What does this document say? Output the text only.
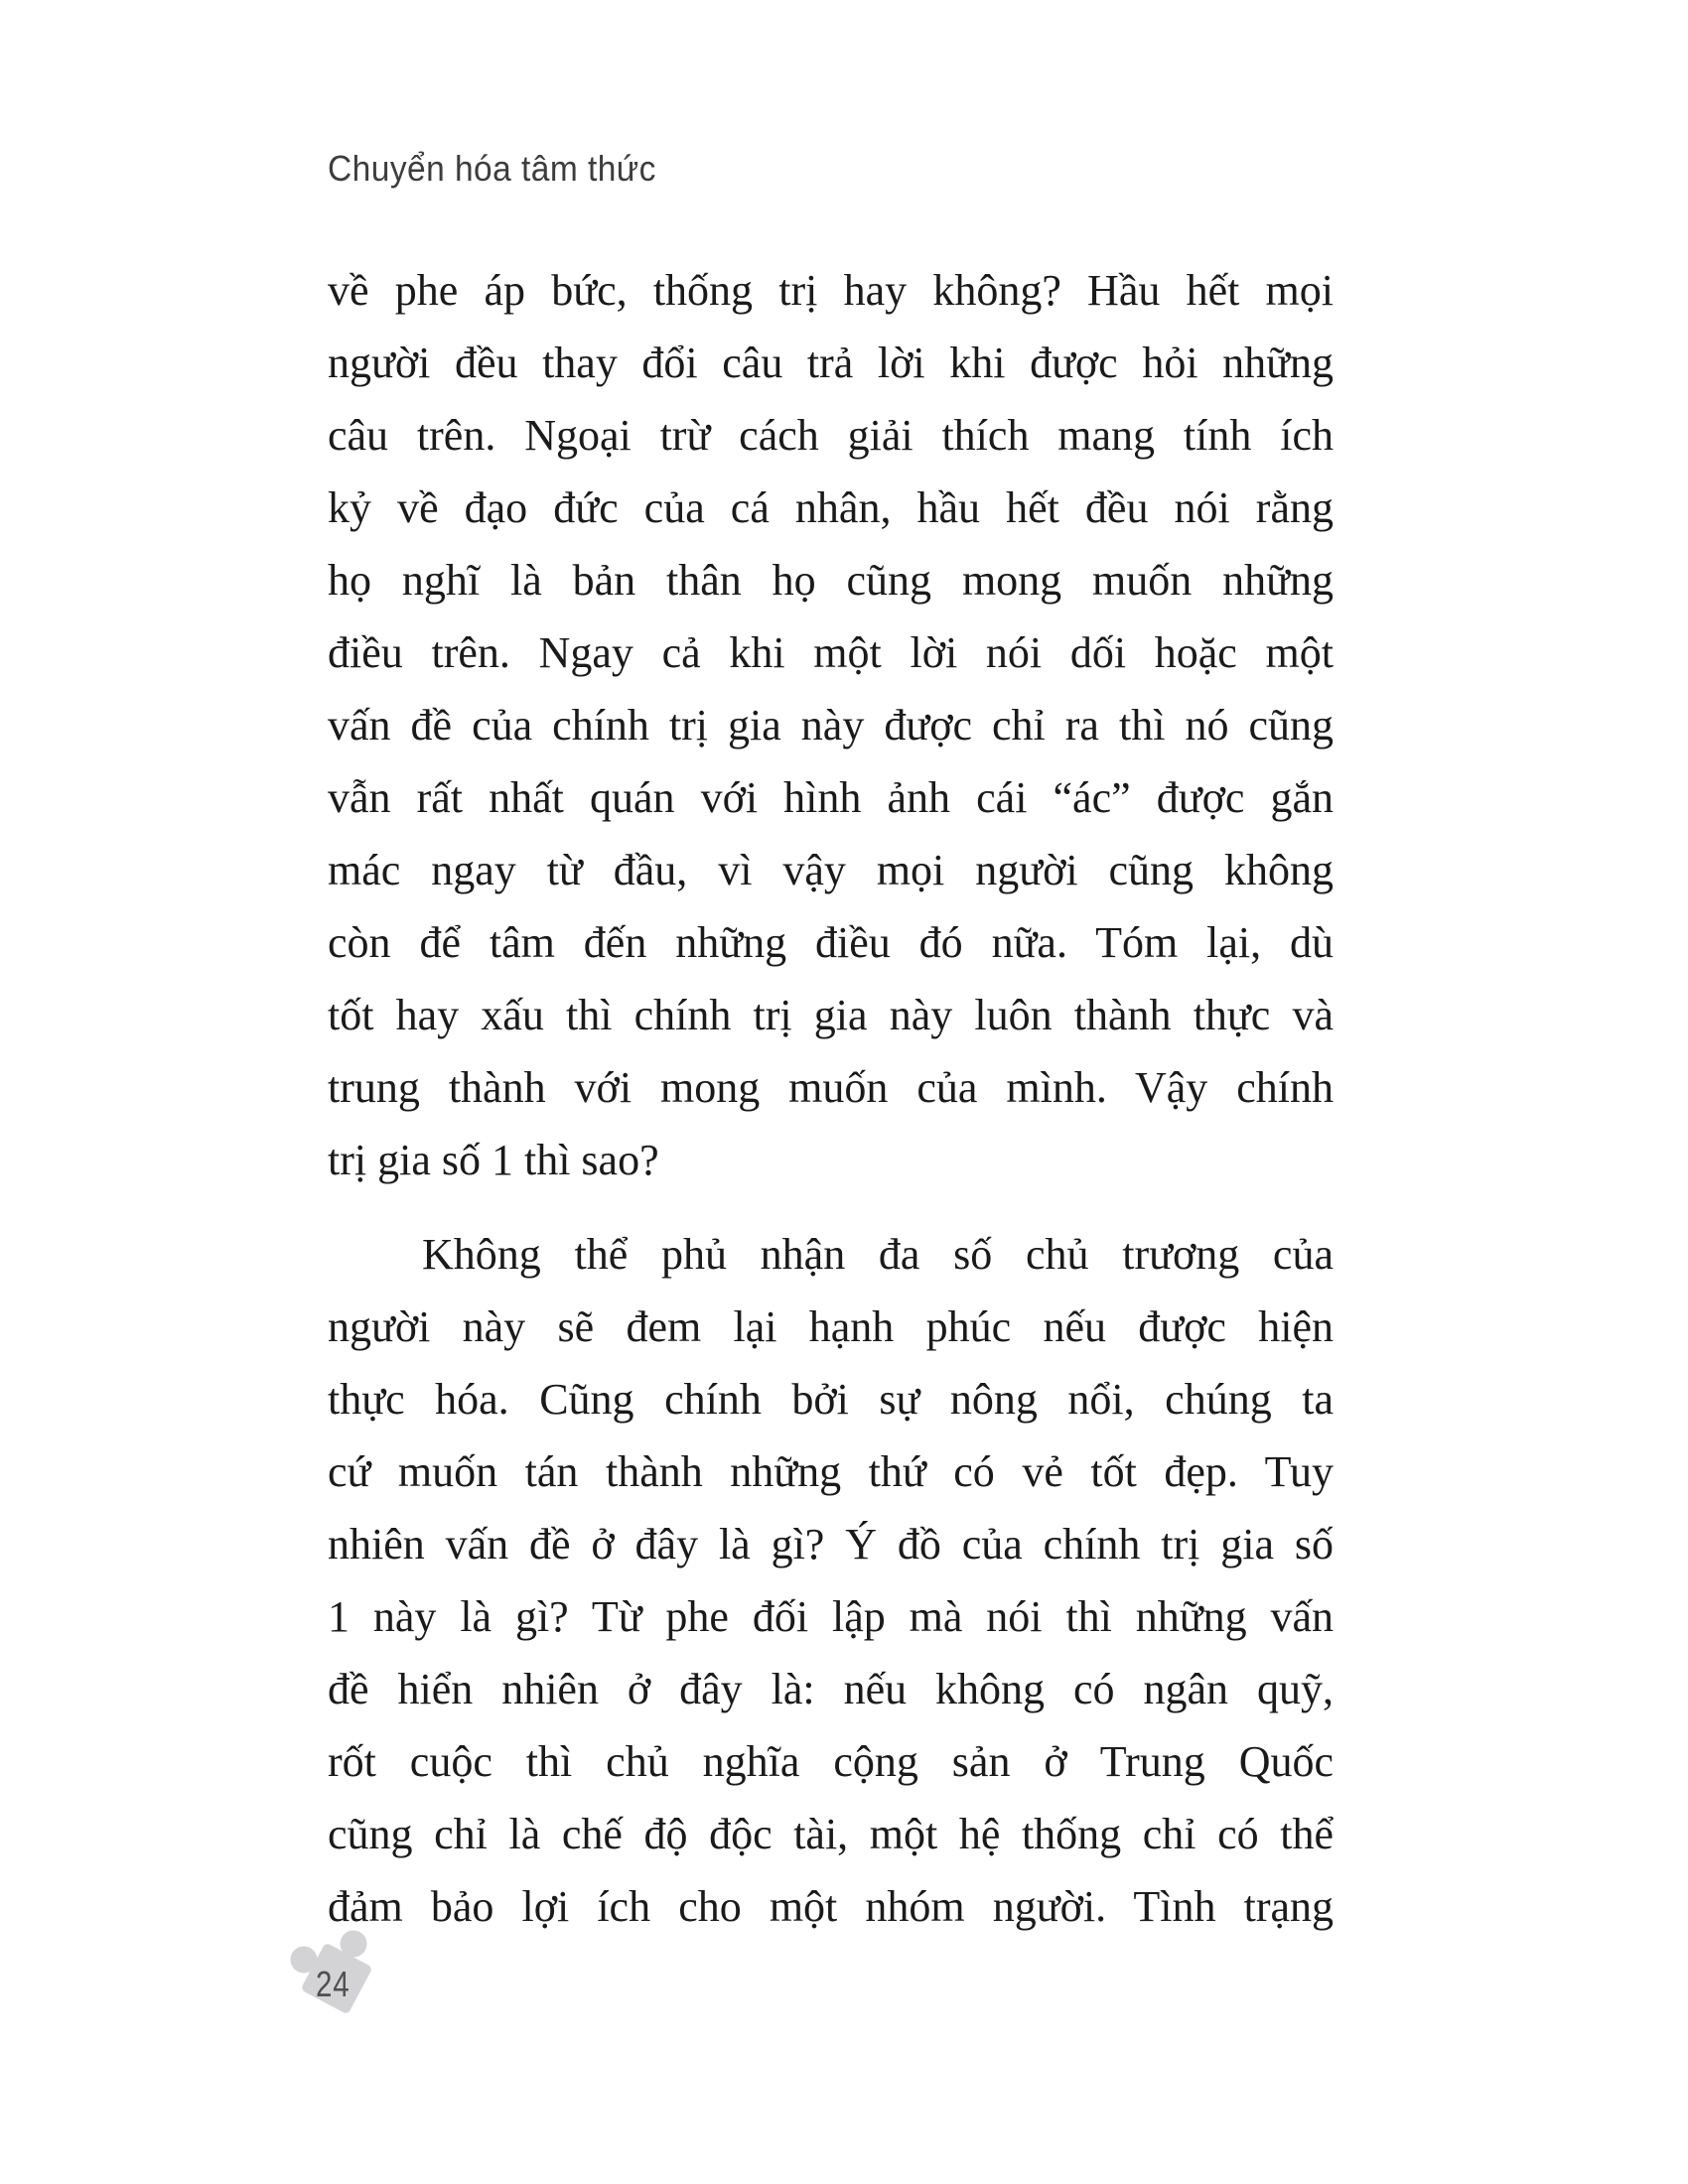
Chuyển hóa tâm thức
về phe áp bức, thống trị hay không? Hầu hết mọi
người đều thay đổi câu trả lời khi được hỏi những
câu trên. Ngoại trừ cách giải thích mang tính ích
kỷ về đạo đức của cá nhân, hầu hết đều nói rằng
họ nghĩ là bản thân họ cũng mong muốn những
điều trên. Ngay cả khi một lời nói dối hoặc một
vấn đề của chính trị gia này được chỉ ra thì nó cũng
vẫn rất nhất quán với hình ảnh cái “ác” được gắn
mác ngay từ đầu, vì vậy mọi người cũng không
còn để tâm đến những điều đó nữa. Tóm lại, dù
tốt hay xấu thì chính trị gia này luôn thành thực và
trung thành với mong muốn của mình. Vậy chính
trị gia số 1 thì sao?
Không thể phủ nhận đa số chủ trương của
người này sẽ đem lại hạnh phúc nếu được hiện
thực hóa. Cũng chính bởi sự nông nổi, chúng ta
cứ muốn tán thành những thứ có vẻ tốt đẹp. Tuy
nhiên vấn đề ở đây là gì? Ý đồ của chính trị gia số
1 này là gì? Từ phe đối lập mà nói thì những vấn
đề hiển nhiên ở đây là: nếu không có ngân quỹ,
rốt cuộc thì chủ nghĩa cộng sản ở Trung Quốc
cũng chỉ là chế độ độc tài, một hệ thống chỉ có thể
đảm bảo lợi ích cho một nhóm người. Tình trạng
24
